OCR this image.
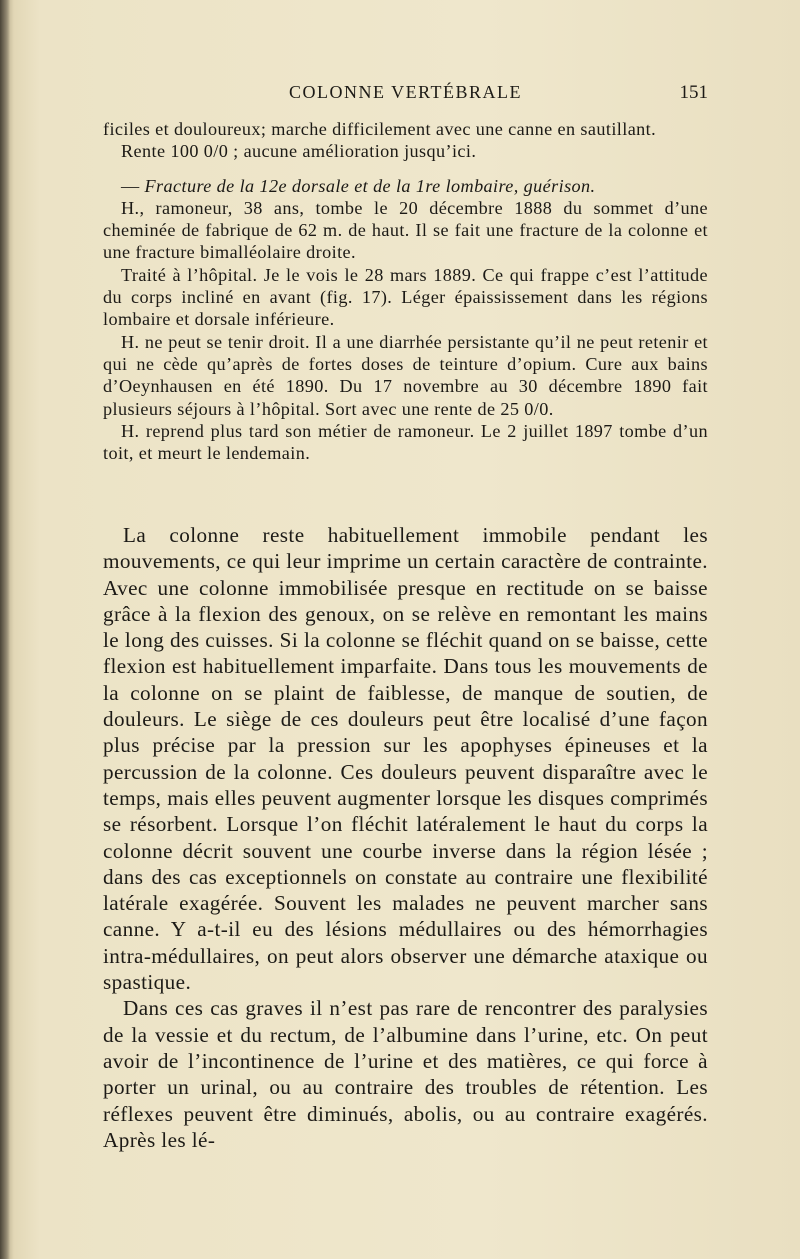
COLONNE VERTÉBRALE	151

ficiles et douloureux; marche difficilement avec une canne en sautillant.

Rente 100 0/0 ; aucune amélioration jusqu’ici.

— Fracture de la 12e dorsale et de la 1re lombaire, guérison.

H., ramoneur, 38 ans, tombe le 20 décembre 1888 du sommet d’une cheminée de fabrique de 62 m. de haut. Il se fait une fracture de la colonne et une fracture bimalléolaire droite.

Traité à l’hôpital. Je le vois le 28 mars 1889. Ce qui frappe c’est l’attitude du corps incliné en avant (fig. 17). Léger épaississement dans les régions lombaire et dorsale inférieure.

H. ne peut se tenir droit. Il a une diarrhée persistante qu’il ne peut retenir et qui ne cède qu’après de fortes doses de teinture d’opium. Cure aux bains d’Oeynhausen en été 1890. Du 17 novembre au 30 décembre 1890 fait plusieurs séjours à l’hôpital. Sort avec une rente de 25 0/0.

H. reprend plus tard son métier de ramoneur. Le 2 juillet 1897 tombe d’un toit, et meurt le lendemain.

La colonne reste habituellement immobile pendant les mouvements, ce qui leur imprime un certain caractère de contrainte. Avec une colonne immobilisée presque en rectitude on se baisse grâce à la flexion des genoux, on se relève en remontant les mains le long des cuisses. Si la colonne se fléchit quand on se baisse, cette flexion est habituellement imparfaite. Dans tous les mouvements de la colonne on se plaint de faiblesse, de manque de soutien, de douleurs. Le siège de ces douleurs peut être localisé d’une façon plus précise par la pression sur les apophyses épineuses et la percussion de la colonne. Ces douleurs peuvent disparaître avec le temps, mais elles peuvent augmenter lorsque les disques comprimés se résorbent. Lorsque l’on fléchit latéralement le haut du corps la colonne décrit souvent une courbe inverse dans la région lésée ; dans des cas exceptionnels on constate au contraire une flexibilité latérale exagérée. Souvent les malades ne peuvent marcher sans canne. Y a-t-il eu des lésions médullaires ou des hémorrhagies intra-médullaires, on peut alors observer une démarche ataxique ou spastique.

Dans ces cas graves il n’est pas rare de rencontrer des paralysies de la vessie et du rectum, de l’albumine dans l’urine, etc. On peut avoir de l’incontinence de l’urine et des matières, ce qui force à porter un urinal, ou au contraire des troubles de rétention. Les réflexes peuvent être diminués, abolis, ou au contraire exagérés. Après les lé-
